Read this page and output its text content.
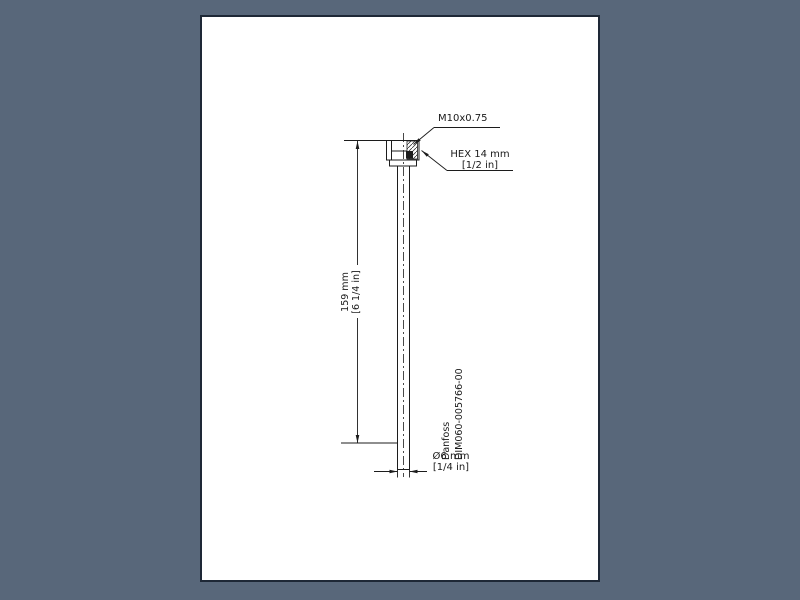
M10x0.75
HEX 14 mm
[1/2 in]
159 mm [6 1/4 in]
Ø6 mm
[1/4 in]
Danfoss DIM060-005766-00
